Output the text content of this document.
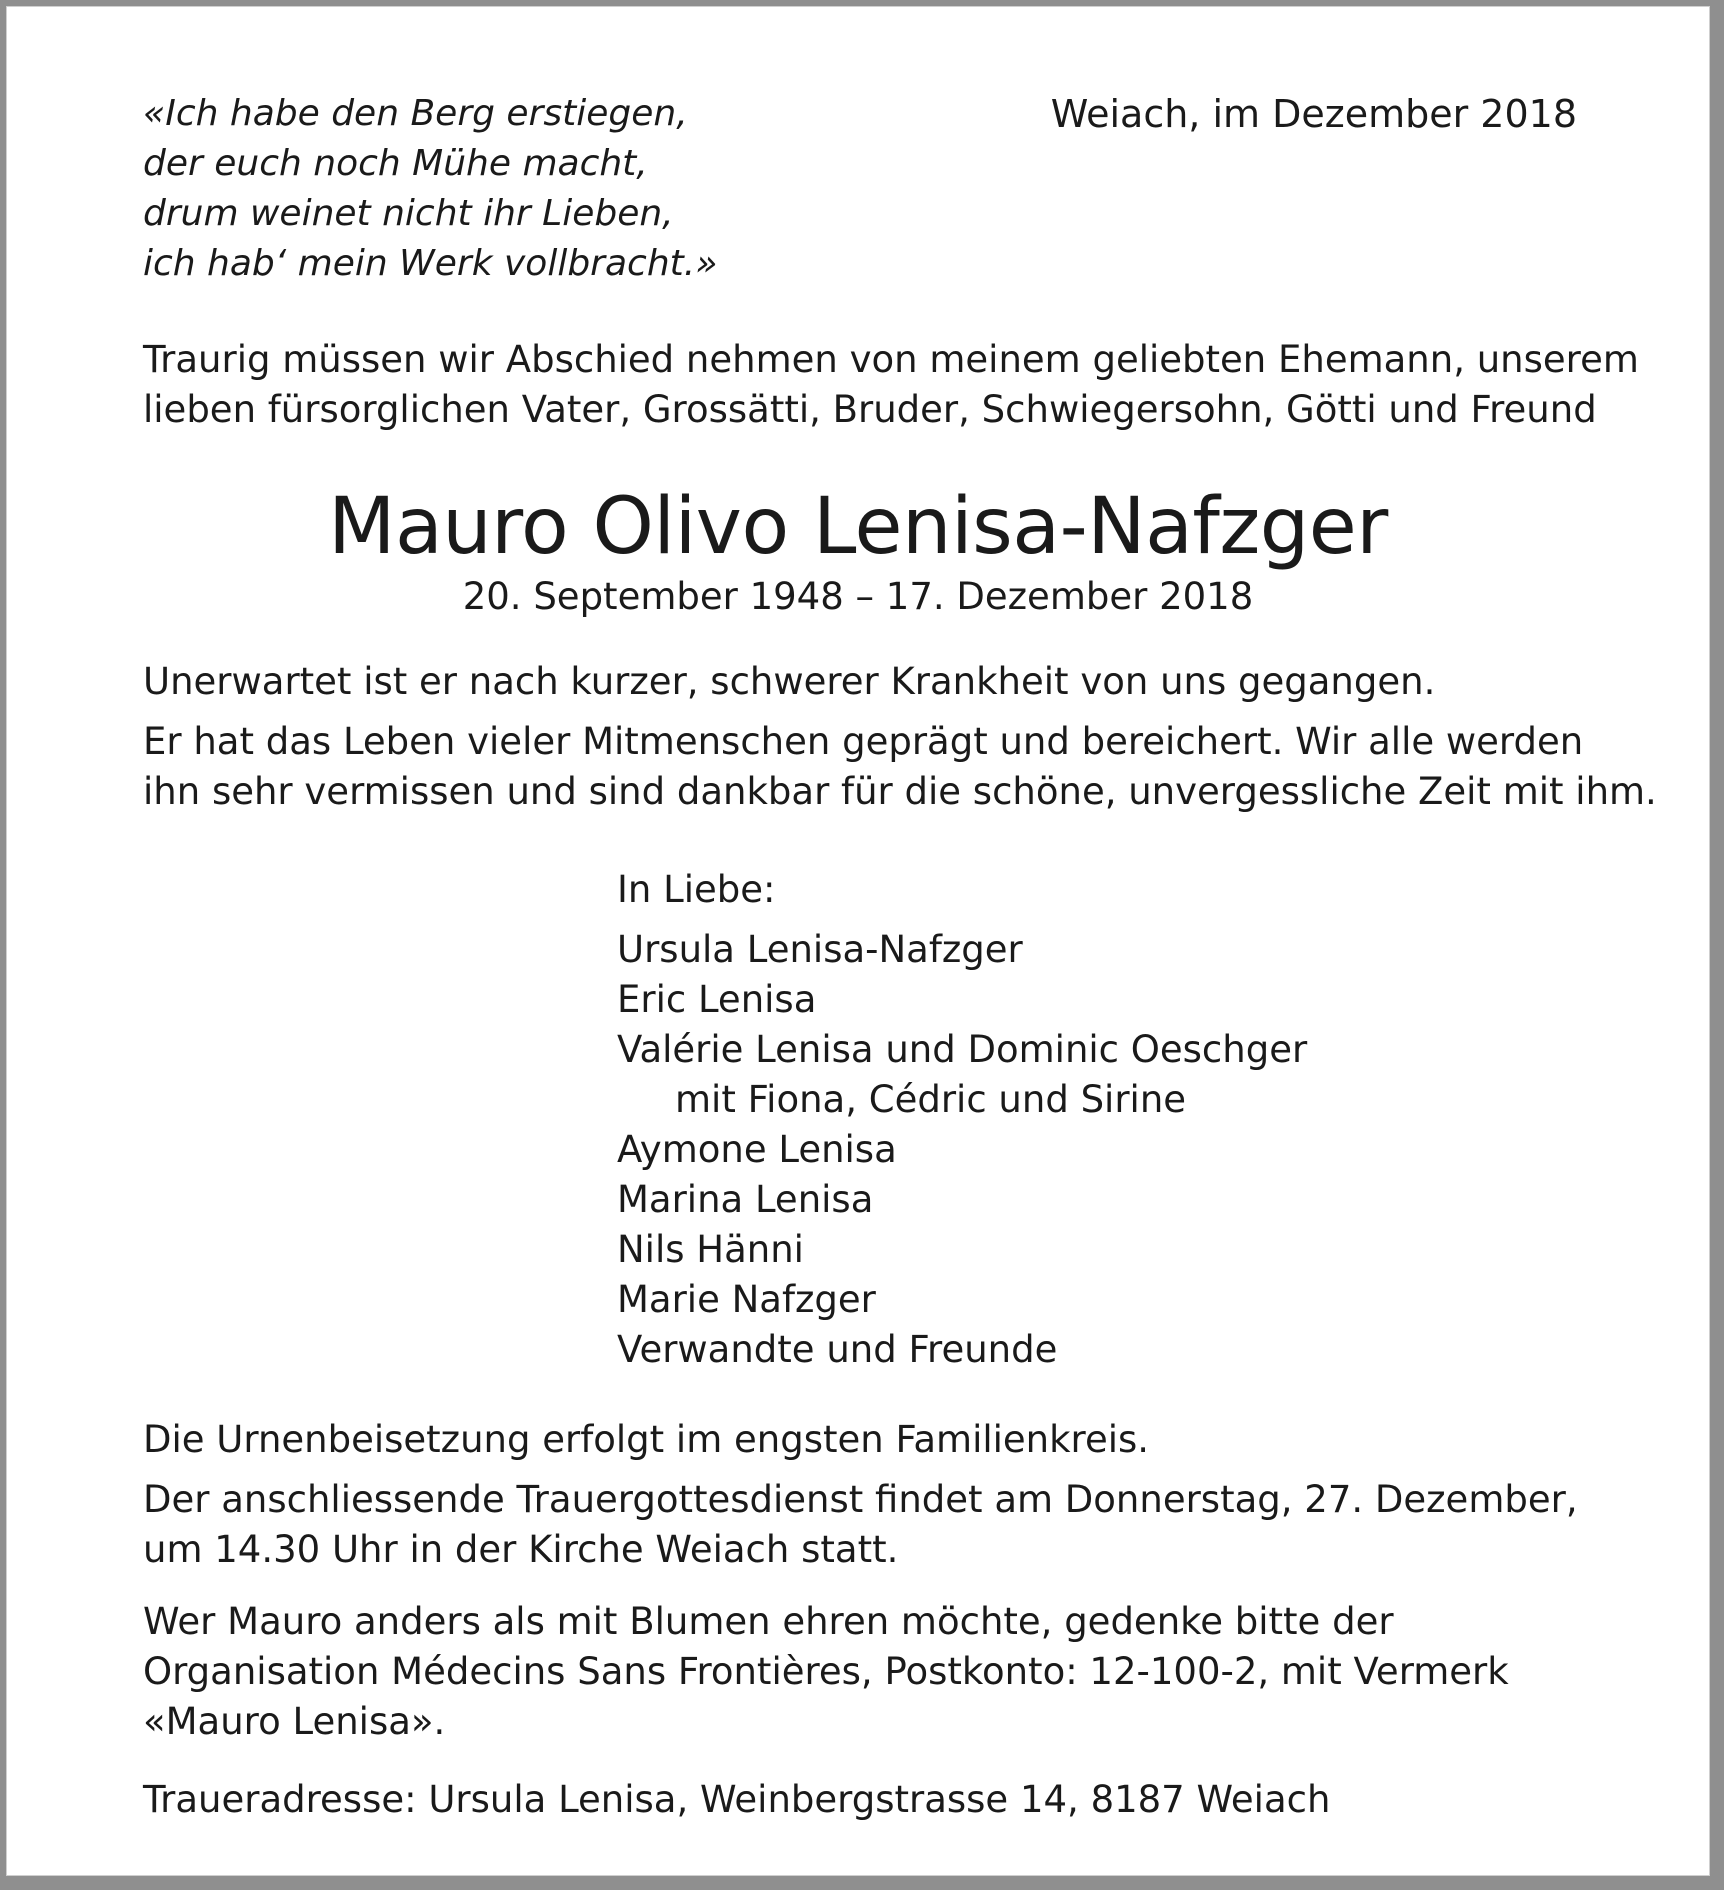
«Ich habe den Berg erstiegen,
der euch noch Mühe macht,
drum weinet nicht ihr Lieben,
ich hab‘ mein Werk vollbracht.»
Weiach, im Dezember 2018
Traurig müssen wir Abschied nehmen von meinem geliebten Ehemann, unserem
lieben fürsorglichen Vater, Grossätti, Bruder, Schwiegersohn, Götti und Freund
Mauro Olivo Lenisa-Nafzger
20. September 1948 – 17. Dezember 2018
Unerwartet ist er nach kurzer, schwerer Krankheit von uns gegangen.
Er hat das Leben vieler Mitmenschen geprägt und bereichert. Wir alle werden
ihn sehr vermissen und sind dankbar für die schöne, unvergessliche Zeit mit ihm.
In Liebe:
Ursula Lenisa-Nafzger
Eric Lenisa
Valérie Lenisa und Dominic Oeschger
mit Fiona, Cédric und Sirine
Aymone Lenisa
Marina Lenisa
Nils Hänni
Marie Nafzger
Verwandte und Freunde
Die Urnenbeisetzung erfolgt im engsten Familienkreis.
Der anschliessende Trauergottesdienst findet am Donnerstag, 27. Dezember,
um 14.30 Uhr in der Kirche Weiach statt.
Wer Mauro anders als mit Blumen ehren möchte, gedenke bitte der
Organisation Médecins Sans Frontières, Postkonto: 12-100-2, mit Vermerk
«Mauro Lenisa».
Traueradresse: Ursula Lenisa, Weinbergstrasse 14, 8187 Weiach
